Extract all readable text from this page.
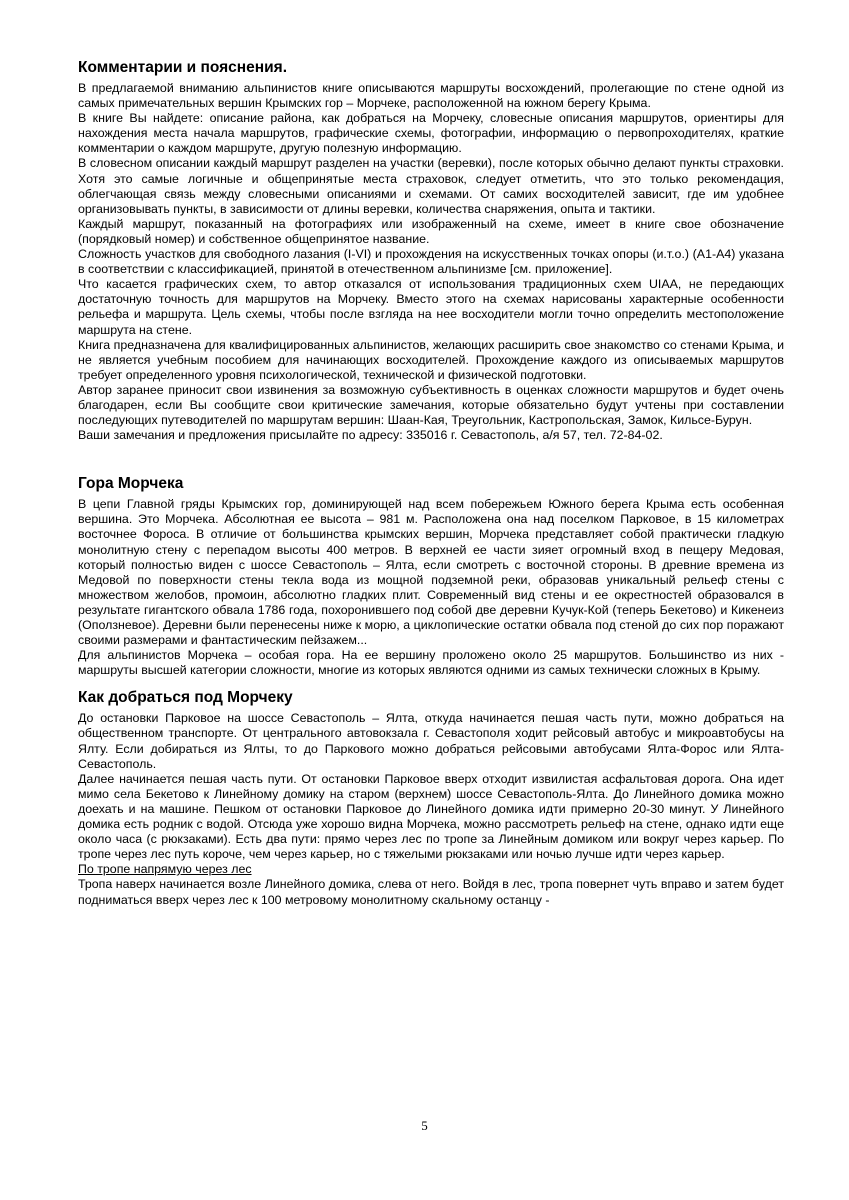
Комментарии и пояснения.

В предлагаемой вниманию альпинистов книге описываются маршруты восхождений, пролегающие по стене одной из самых примечательных вершин Крымских гор – Морчеке, расположенной на южном берегу Крыма.

В книге Вы найдете: описание района, как добраться на Морчеку, словесные описания маршрутов, ориентиры для нахождения места начала маршрутов, графические схемы, фотографии, информацию о первопроходителях, краткие комментарии о каждом маршруте, другую полезную информацию.

В словесном описании каждый маршрут разделен на участки (веревки), после которых обычно делают пункты страховки. Хотя это самые логичные и общепринятые места страховок, следует отметить, что это только рекомендация, облегчающая связь между словесными описаниями и схемами. От самих восходителей зависит, где им удобнее организовывать пункты, в зависимости от длины веревки, количества снаряжения, опыта и тактики.

Каждый маршрут, показанный на фотографиях или изображенный на схеме, имеет в книге свое обозначение (порядковый номер) и собственное общепринятое название.

Сложность участков для свободного лазания (I-VI) и прохождения на искусственных точках опоры (и.т.о.) (А1-А4) указана в соответствии с классификацией, принятой в отечественном альпинизме [см. приложение].

Что касается графических схем, то автор отказался от использования традиционных схем UIAA, не передающих достаточную точность для маршрутов на Морчеку. Вместо этого на схемах нарисованы характерные особенности рельефа и маршрута. Цель схемы, чтобы после взгляда на нее восходители могли точно определить местоположение маршрута на стене.

Книга предназначена для квалифицированных альпинистов, желающих расширить свое знакомство со стенами Крыма, и не является учебным пособием для начинающих восходителей. Прохождение каждого из описываемых маршрутов требует определенного уровня психологической, технической и физической подготовки.

Автор заранее приносит свои извинения за возможную субъективность в оценках сложности маршрутов и будет очень благодарен, если Вы сообщите свои критические замечания, которые обязательно будут учтены при составлении последующих путеводителей по маршрутам вершин: Шаан-Кая, Треугольник, Кастропольская, Замок, Кильсе-Бурун.

Ваши замечания и предложения присылайте по адресу: 335016 г. Севастополь, а/я 57, тел. 72-84-02.

Гора Морчека

В цепи Главной гряды Крымских гор, доминирующей над всем побережьем Южного берега Крыма есть особенная вершина. Это Морчека. Абсолютная ее высота – 981 м. Расположена она над поселком Парковое, в 15 километрах восточнее Фороса. В отличие от большинства крымских вершин, Морчека представляет собой практически гладкую монолитную стену с перепадом высоты 400 метров. В верхней ее части зияет огромный вход в пещеру Медовая, который полностью виден с шоссе Севастополь – Ялта, если смотреть с восточной стороны. В древние времена из Медовой по поверхности стены текла вода из мощной подземной реки, образовав уникальный рельеф стены с множеством желобов, промоин, абсолютно гладких плит. Современный вид стены и ее окрестностей образовался в результате гигантского обвала 1786 года, похоронившего под собой две деревни Кучук-Кой (теперь Бекетово) и Кикенеиз (Оползневое). Деревни были перенесены ниже к морю, а циклопические остатки обвала под стеной до сих пор поражают своими размерами и фантастическим пейзажем...

Для альпинистов Морчека – особая гора. На ее вершину проложено около 25 маршрутов. Большинство из них - маршруты высшей категории сложности, многие из которых являются одними из самых технически сложных в Крыму.

Как добраться под Морчеку

До остановки Парковое на шоссе Севастополь – Ялта, откуда начинается пешая часть пути, можно добраться на общественном транспорте. От центрального автовокзала г. Севастополя ходит рейсовый автобус и микроавтобусы на Ялту. Если добираться из Ялты, то до Паркового можно добраться рейсовыми автобусами Ялта-Форос или Ялта-Севастополь.

Далее начинается пешая часть пути. От остановки Парковое вверх отходит извилистая асфальтовая дорога. Она идет мимо села Бекетово к Линейному домику на старом (верхнем) шоссе Севастополь-Ялта. До Линейного домика можно доехать и на машине. Пешком от остановки Парковое до Линейного домика идти примерно 20-30 минут. У Линейного домика есть родник с водой. Отсюда уже хорошо видна Морчека, можно рассмотреть рельеф на стене, однако идти еще около часа (с рюкзаками). Есть два пути: прямо через лес по тропе за Линейным домиком или вокруг через карьер. По тропе через лес путь короче, чем через карьер, но с тяжелыми рюкзаками или ночью лучше идти через карьер.

По тропе напрямую через лес

Тропа наверх начинается возле Линейного домика, слева от него. Войдя в лес, тропа повернет чуть вправо и затем будет подниматься вверх через лес к 100 метровому монолитному скальному останцу -

5
